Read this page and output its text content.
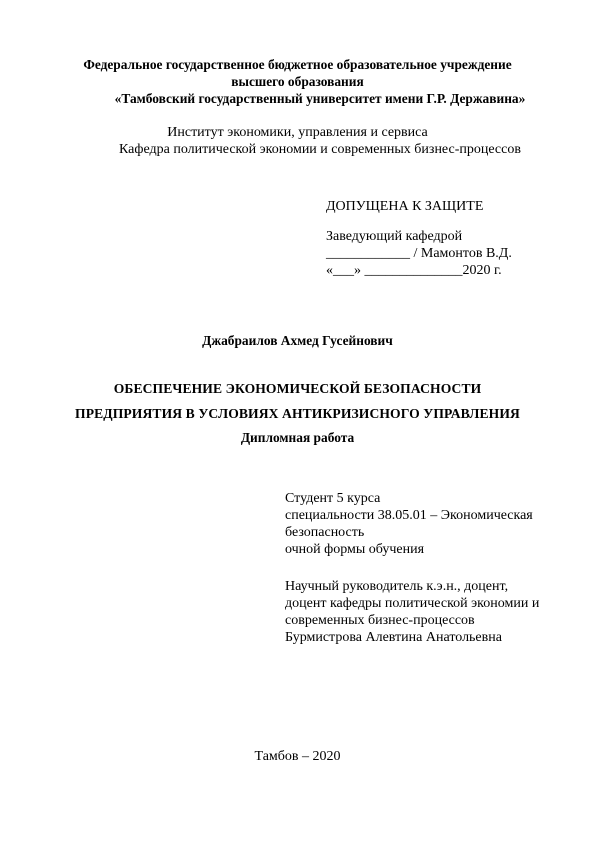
Федеральное государственное бюджетное образовательное учреждение
высшего образования
«Тамбовский государственный университет имени Г.Р. Державина»
Институт экономики, управления и сервиса
Кафедра политической экономии и современных бизнес-процессов
ДОПУЩЕНА К ЗАЩИТЕ
Заведующий кафедрой
____________ / Мамонтов В.Д.
«___» ______________2020 г.
Джабраилов Ахмед Гусейнович
ОБЕСПЕЧЕНИЕ ЭКОНОМИЧЕСКОЙ БЕЗОПАСНОСТИ
ПРЕДПРИЯТИЯ В УСЛОВИЯХ АНТИКРИЗИСНОГО УПРАВЛЕНИЯ
Дипломная работа
Студент 5 курса
специальности 38.05.01 – Экономическая
безопасность
очной формы обучения
Научный руководитель к.э.н., доцент,
доцент кафедры политической экономии и
современных бизнес-процессов
Бурмистрова Алевтина Анатольевна
Тамбов – 2020
